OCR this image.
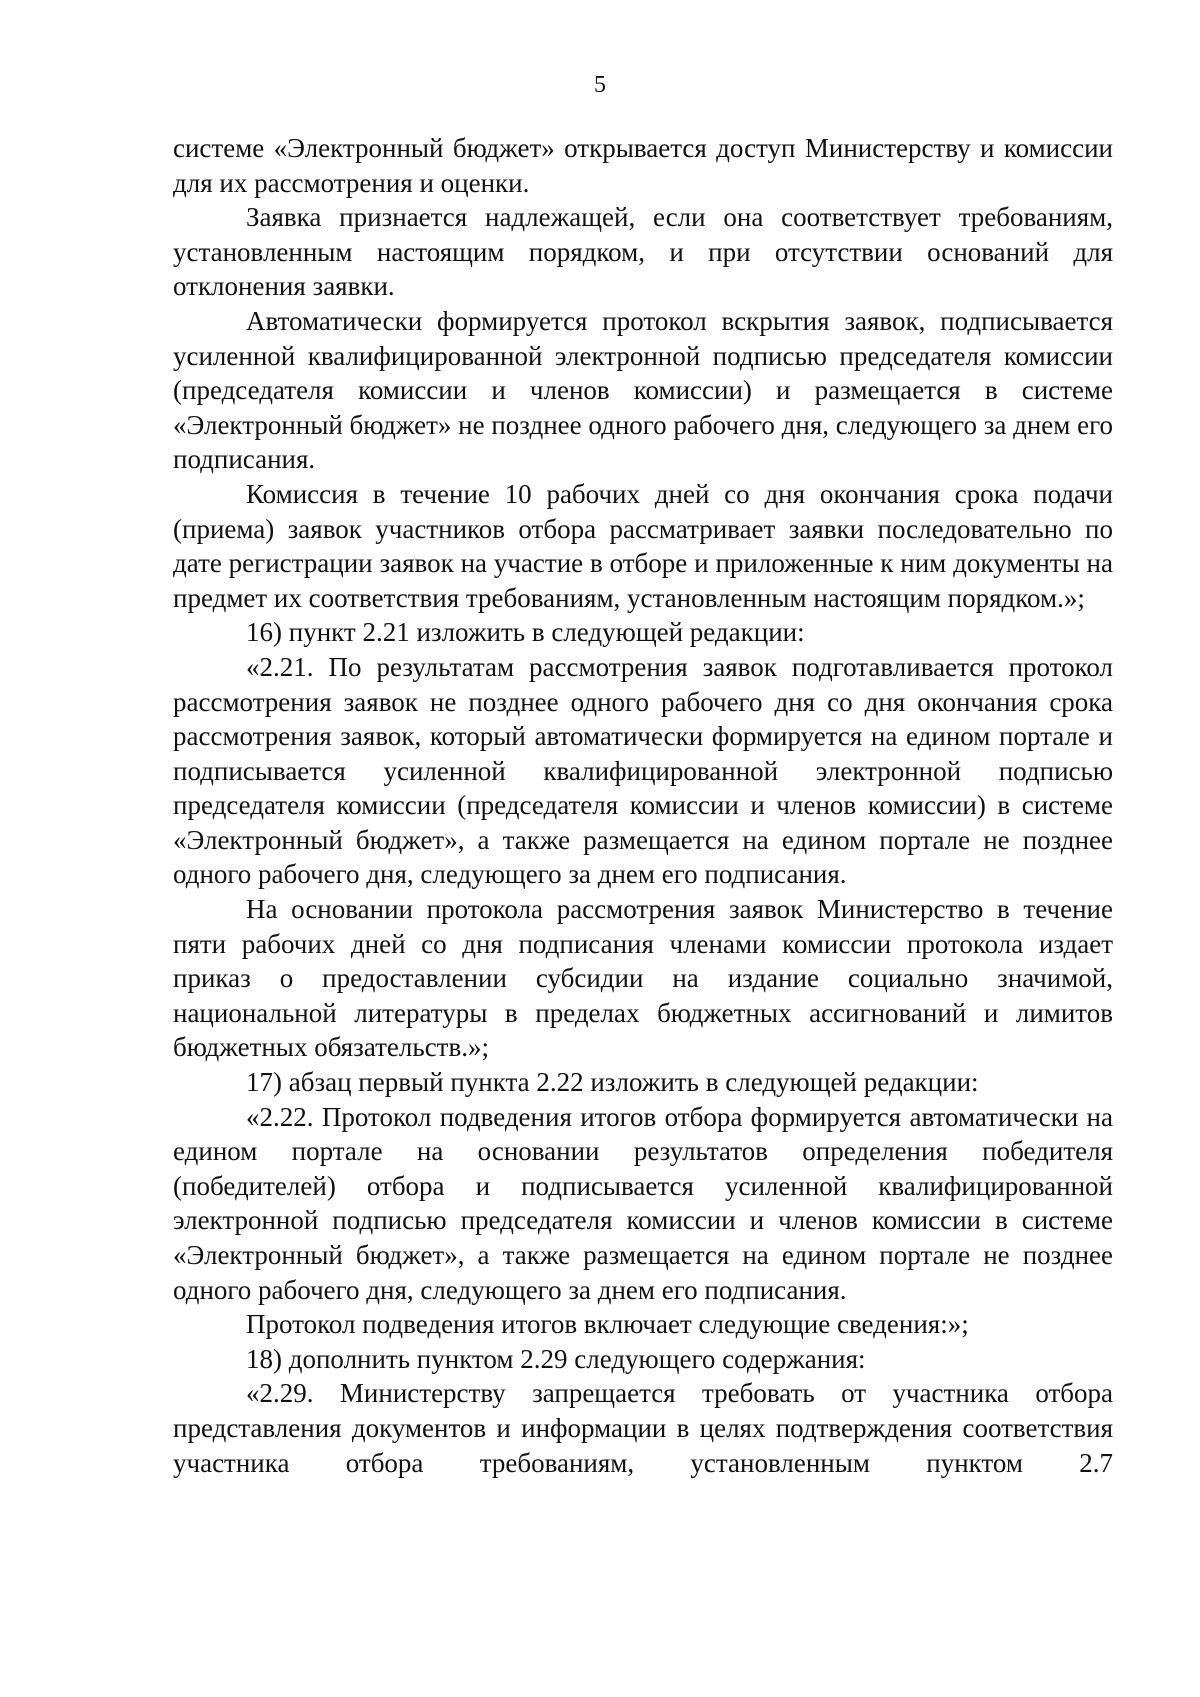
5

системе «Электронный бюджет» открывается доступ Министерству и комиссии для их рассмотрения и оценки.

Заявка признается надлежащей, если она соответствует требованиям, установленным настоящим порядком, и при отсутствии оснований для отклонения заявки.

Автоматически формируется протокол вскрытия заявок, подписывается усиленной квалифицированной электронной подписью председателя комиссии (председателя комиссии и членов комиссии) и размещается в системе «Электронный бюджет» не позднее одного рабочего дня, следующего за днем его подписания.

Комиссия в течение 10 рабочих дней со дня окончания срока подачи (приема) заявок участников отбора рассматривает заявки последовательно по дате регистрации заявок на участие в отборе и приложенные к ним документы на предмет их соответствия требованиям, установленным настоящим порядком.»;

16) пункт 2.21 изложить в следующей редакции:

«2.21. По результатам рассмотрения заявок подготавливается протокол рассмотрения заявок не позднее одного рабочего дня со дня окончания срока рассмотрения заявок, который автоматически формируется на едином портале и подписывается усиленной квалифицированной электронной подписью председателя комиссии (председателя комиссии и членов комиссии) в системе «Электронный бюджет», а также размещается на едином портале не позднее одного рабочего дня, следующего за днем его подписания.

На основании протокола рассмотрения заявок Министерство в течение пяти рабочих дней со дня подписания членами комиссии протокола издает приказ о предоставлении субсидии на издание социально значимой, национальной литературы в пределах бюджетных ассигнований и лимитов бюджетных обязательств.»;

17) абзац первый пункта 2.22 изложить в следующей редакции:

«2.22. Протокол подведения итогов отбора формируется автоматически на едином портале на основании результатов определения победителя (победителей) отбора и подписывается усиленной квалифицированной электронной подписью председателя комиссии и членов комиссии в системе «Электронный бюджет», а также размещается на едином портале не позднее одного рабочего дня, следующего за днем его подписания.

Протокол подведения итогов включает следующие сведения:»;

18) дополнить пунктом 2.29 следующего содержания:

«2.29. Министерству запрещается требовать от участника отбора представления документов и информации в целях подтверждения соответствия участника отбора требованиям, установленным пунктом 2.7
